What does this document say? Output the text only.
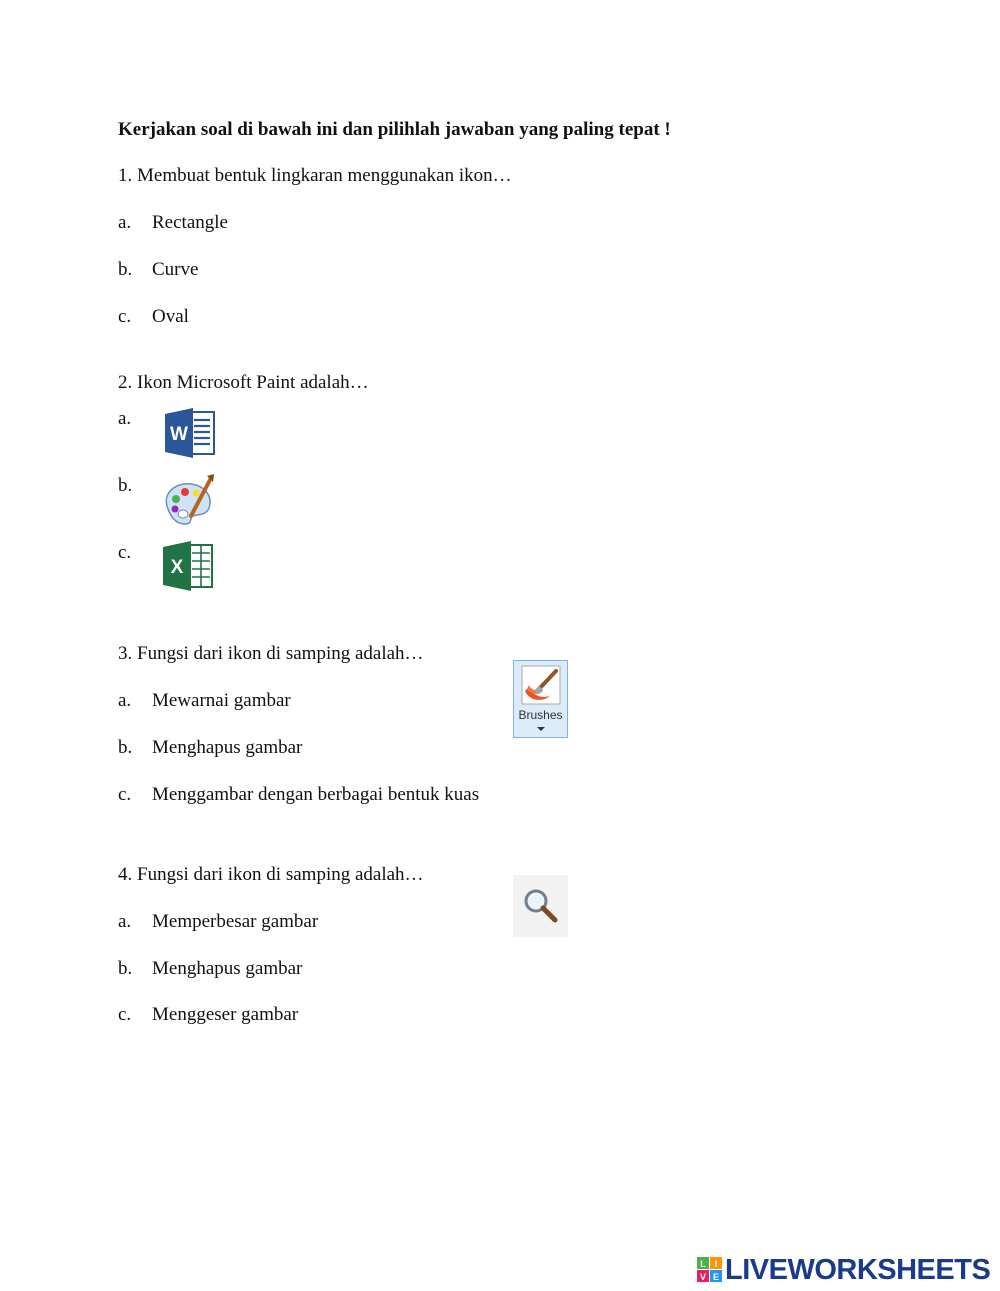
Kerjakan soal di bawah ini dan pilihlah jawaban yang paling tepat !
1. Membuat bentuk lingkaran menggunakan ikon…
a. Rectangle
b. Curve
c. Oval
2. Ikon Microsoft Paint adalah…
a.
W
b.
c.
X
3. Fungsi dari ikon di samping adalah…
Brushes
a. Mewarnai gambar
b. Menghapus gambar
c. Menggambar dengan berbagai bentuk kuas
4. Fungsi dari ikon di samping adalah…
a. Memperbesar gambar
b. Menghapus gambar
c. Menggeser gambar
L I
V E LIVEWORKSHEETS
